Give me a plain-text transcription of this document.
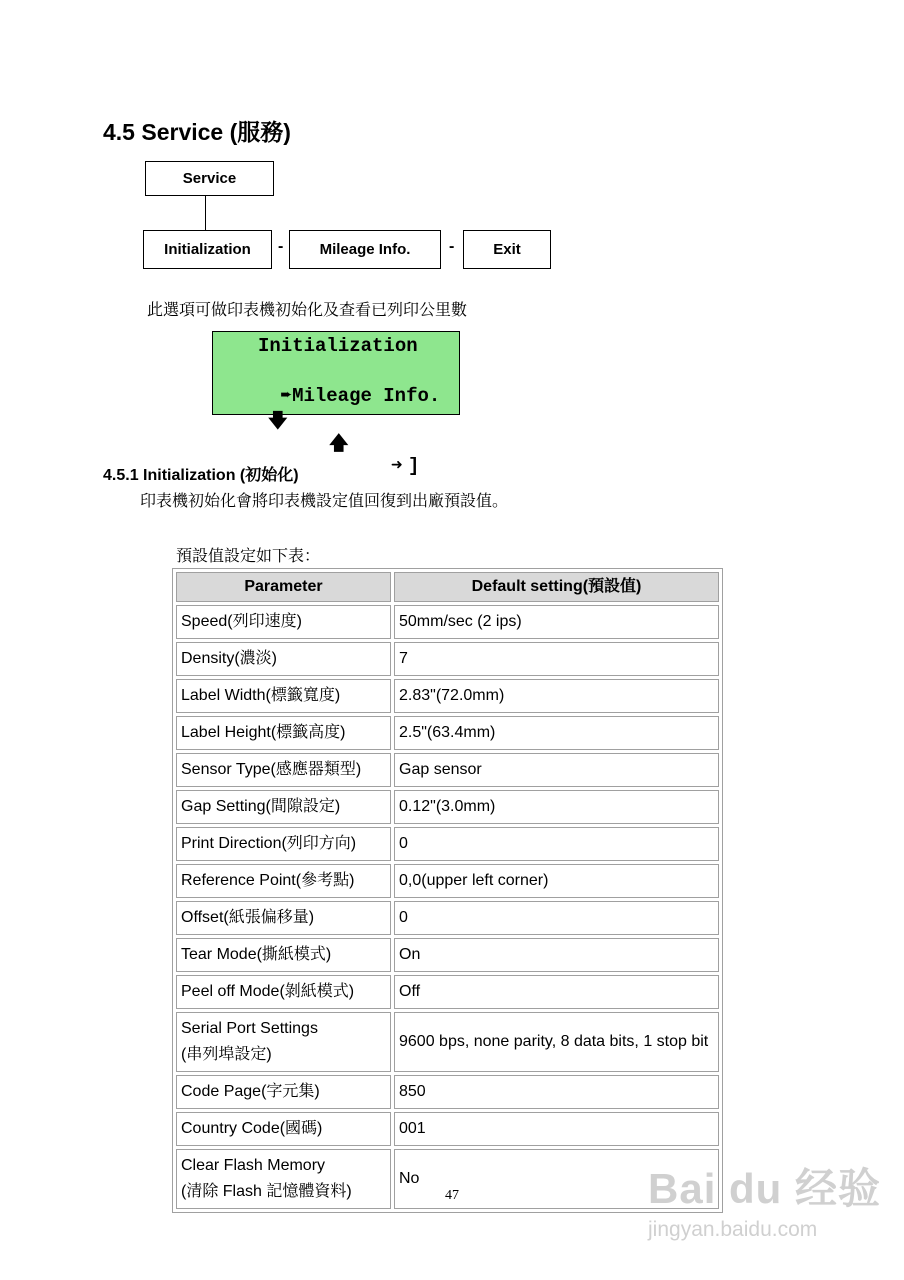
4.5 Service (服務)
Service
Initialization - Mileage Info. -	Exit
此選項可做印表機初始化及查看已列印公里數
Initialization

➨Mileage Info.

🡇

🡅

➜ ]

4.5.1 Initialization (初始化)
印表機初始化會將印表機設定值回復到出廠預設值。
預設值設定如下表：
Parameter	Default setting(預設值)
Speed(列印速度)	50mm/sec (2 ips)
Density(濃淡)	7
Label Width(標籤寬度)	2.83"(72.0mm)
Label Height(標籤高度)	2.5"(63.4mm)
Sensor Type(感應器類型)	Gap sensor
Gap Setting(間隙設定)	0.12"(3.0mm)
Print Direction(列印方向)	0
Reference Point(參考點)	0,0(upper left corner)
Offset(紙張偏移量)	0
Tear Mode(撕紙模式)	On
Peel off Mode(剝紙模式)	Off
Serial Port Settings
(串列埠設定)	9600 bps, none parity, 8 data bits, 1 stop bit
Code Page(字元集)	850
Country Code(國碼)	001
Clear Flash Memory
(清除 Flash 記憶體資料)	No
47	Bai du 经验
jingyan.baidu.com
